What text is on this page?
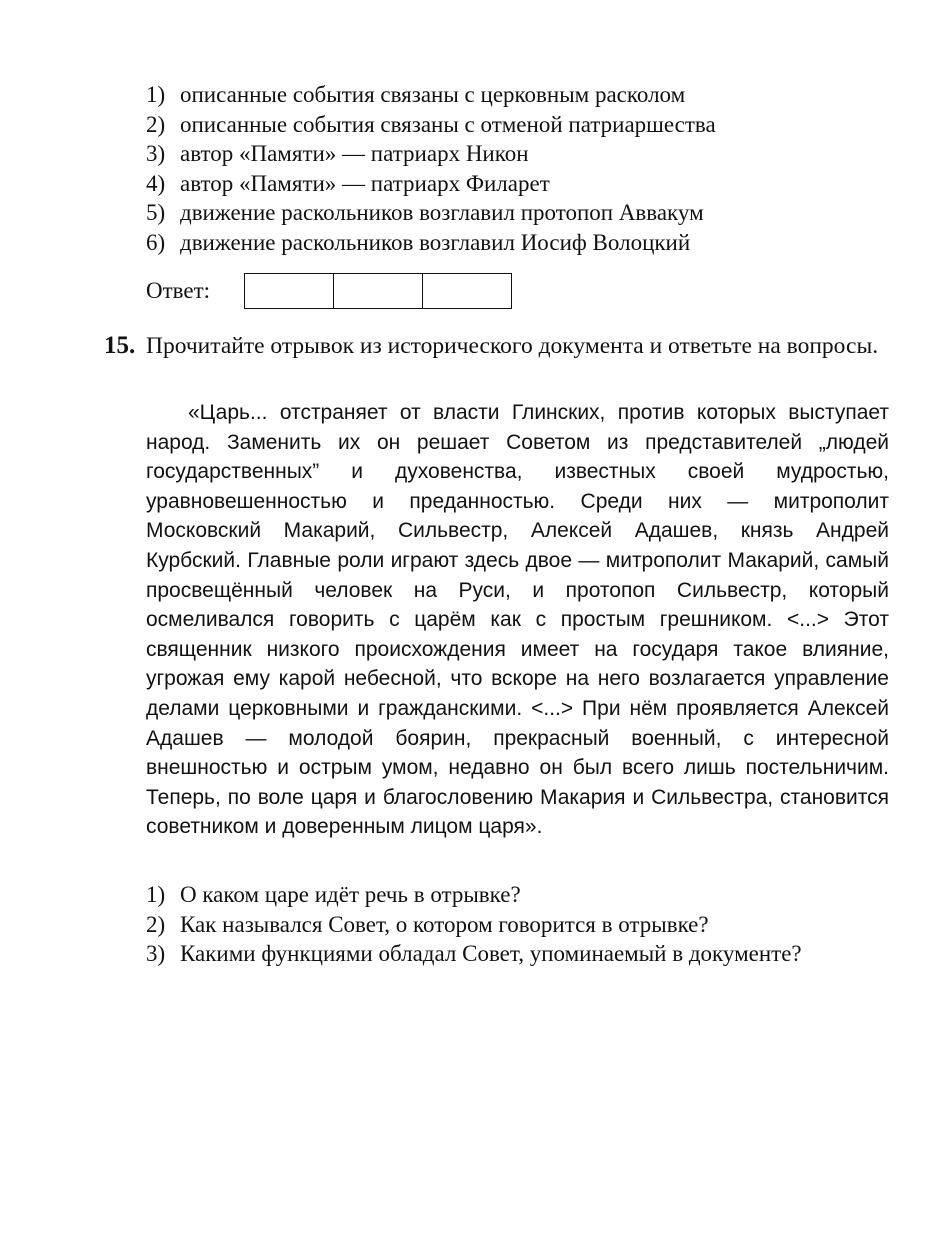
1) описанные события связаны с церковным расколом
2) описанные события связаны с отменой патриаршества
3) автор «Памяти» — патриарх Никон
4) автор «Памяти» — патриарх Филарет
5) движение раскольников возглавил протопоп Аввакум
6) движение раскольников возглавил Иосиф Волоцкий
Ответ:
15. Прочитайте отрывок из исторического документа и ответьте на вопросы.
«Царь... отстраняет от власти Глинских, против которых выступает народ. Заменить их он решает Советом из представителей „людей государственных” и духовенства, известных своей мудростью, уравновешенностью и преданностью. Среди них — митрополит Московский Макарий, Сильвестр, Алексей Адашев, князь Андрей Курбский. Главные роли играют здесь двое — митрополит Макарий, самый просвещённый человек на Руси, и протопоп Сильвестр, который осмеливался говорить с царём как с простым грешником. <...> Этот священник низкого происхождения имеет на государя такое влияние, угрожая ему карой небесной, что вскоре на него возлагается управление делами церковными и гражданскими. <...> При нём проявляется Алексей Адашев — молодой боярин, прекрасный военный, с интересной внешностью и острым умом, недавно он был всего лишь постельничим. Теперь, по воле царя и благословению Макария и Сильвестра, становится советником и доверенным лицом царя».
1) О каком царе идёт речь в отрывке?
2) Как назывался Совет, о котором говорится в отрывке?
3) Какими функциями обладал Совет, упоминаемый в документе?
